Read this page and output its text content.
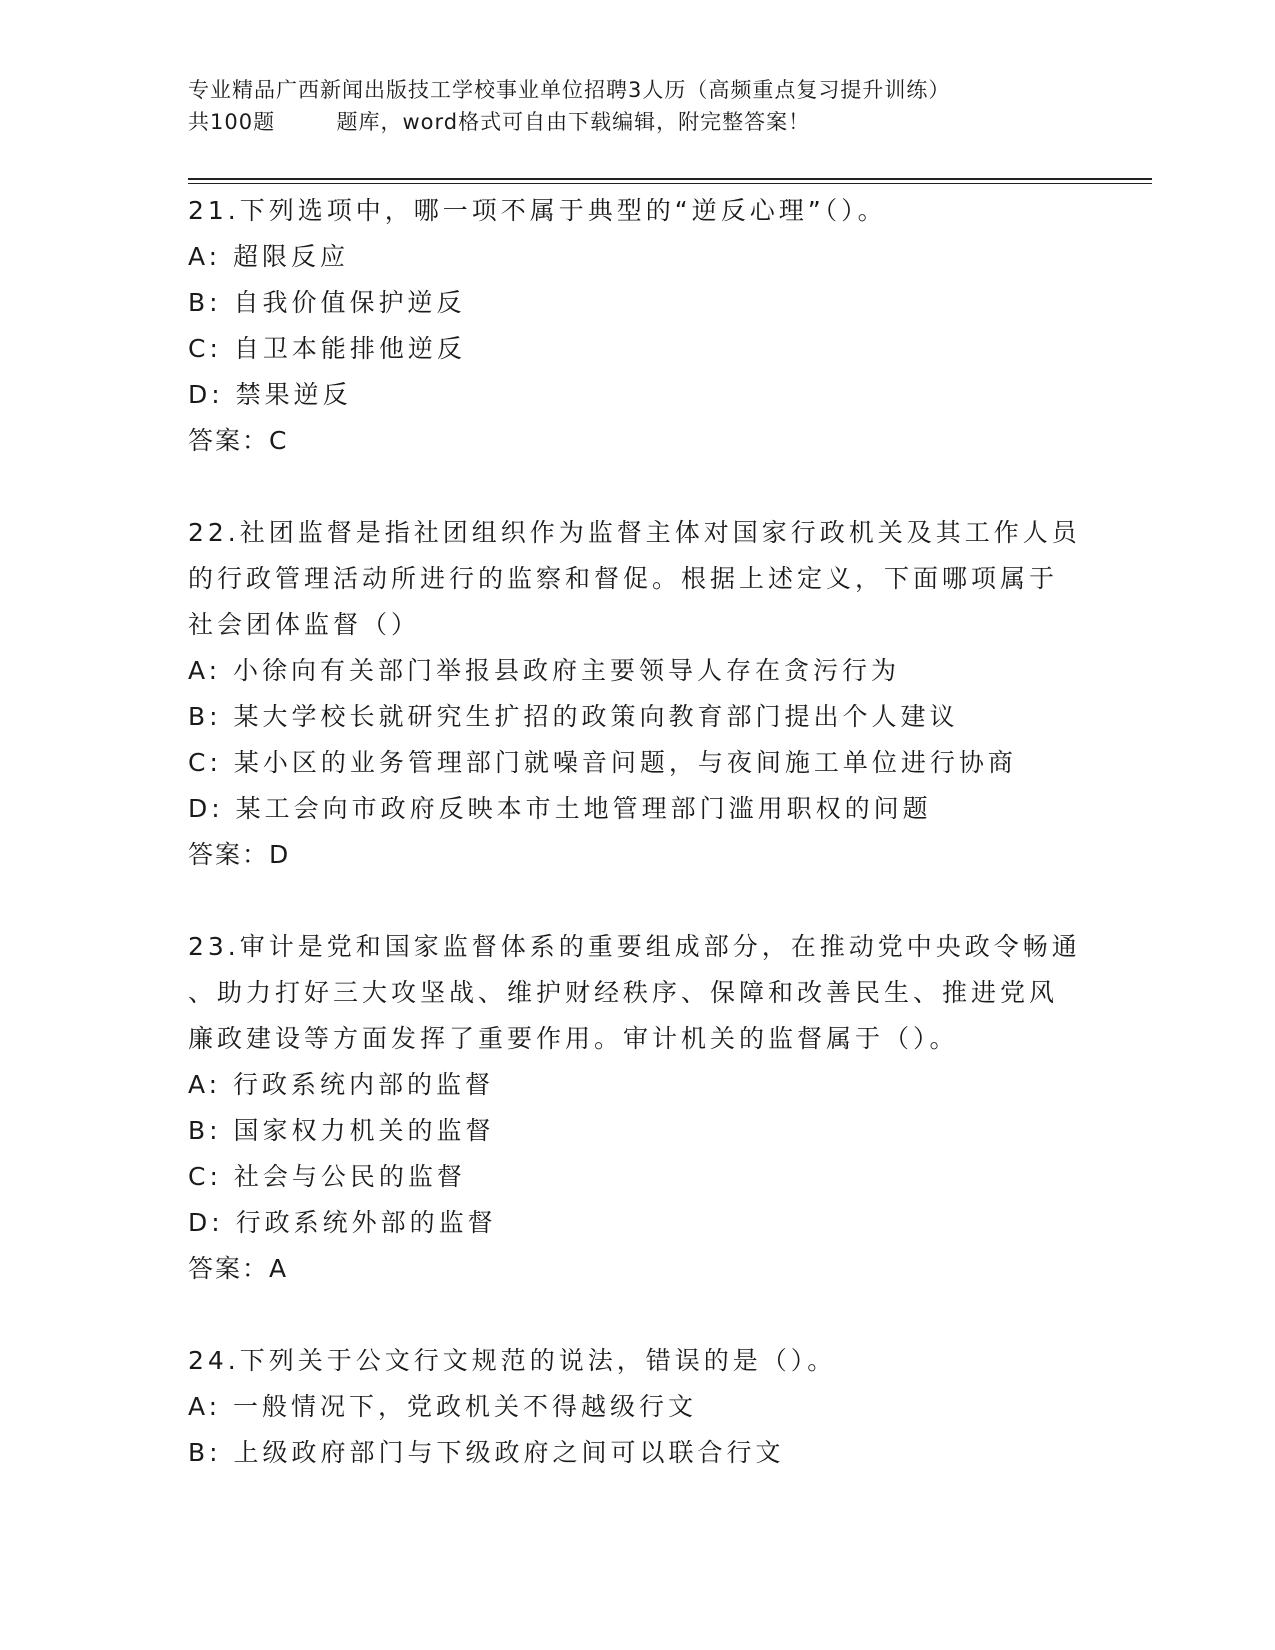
专业精品广西新闻出版技工学校事业单位招聘3人历（高频重点复习提升训练）
共100题        题库，word格式可自由下载编辑，附完整答案！
21.下列选项中，哪一项不属于典型的“逆反心理”（）。
A: 超限反应
B: 自我价值保护逆反
C: 自卫本能排他逆反
D: 禁果逆反
答案：C
22.社团监督是指社团组织作为监督主体对国家行政机关及其工作人员
的行政管理活动所进行的监察和督促。根据上述定义，下面哪项属于
社会团体监督（）
A: 小徐向有关部门举报县政府主要领导人存在贪污行为
B: 某大学校长就研究生扩招的政策向教育部门提出个人建议
C: 某小区的业务管理部门就噪音问题，与夜间施工单位进行协商
D: 某工会向市政府反映本市土地管理部门滥用职权的问题
答案：D
23.审计是党和国家监督体系的重要组成部分，在推动党中央政令畅通
、助力打好三大攻坚战、维护财经秩序、保障和改善民生、推进党风
廉政建设等方面发挥了重要作用。审计机关的监督属于（）。
A: 行政系统内部的监督
B: 国家权力机关的监督
C: 社会与公民的监督
D: 行政系统外部的监督
答案：A
24.下列关于公文行文规范的说法，错误的是（）。
A: 一般情况下，党政机关不得越级行文
B: 上级政府部门与下级政府之间可以联合行文
